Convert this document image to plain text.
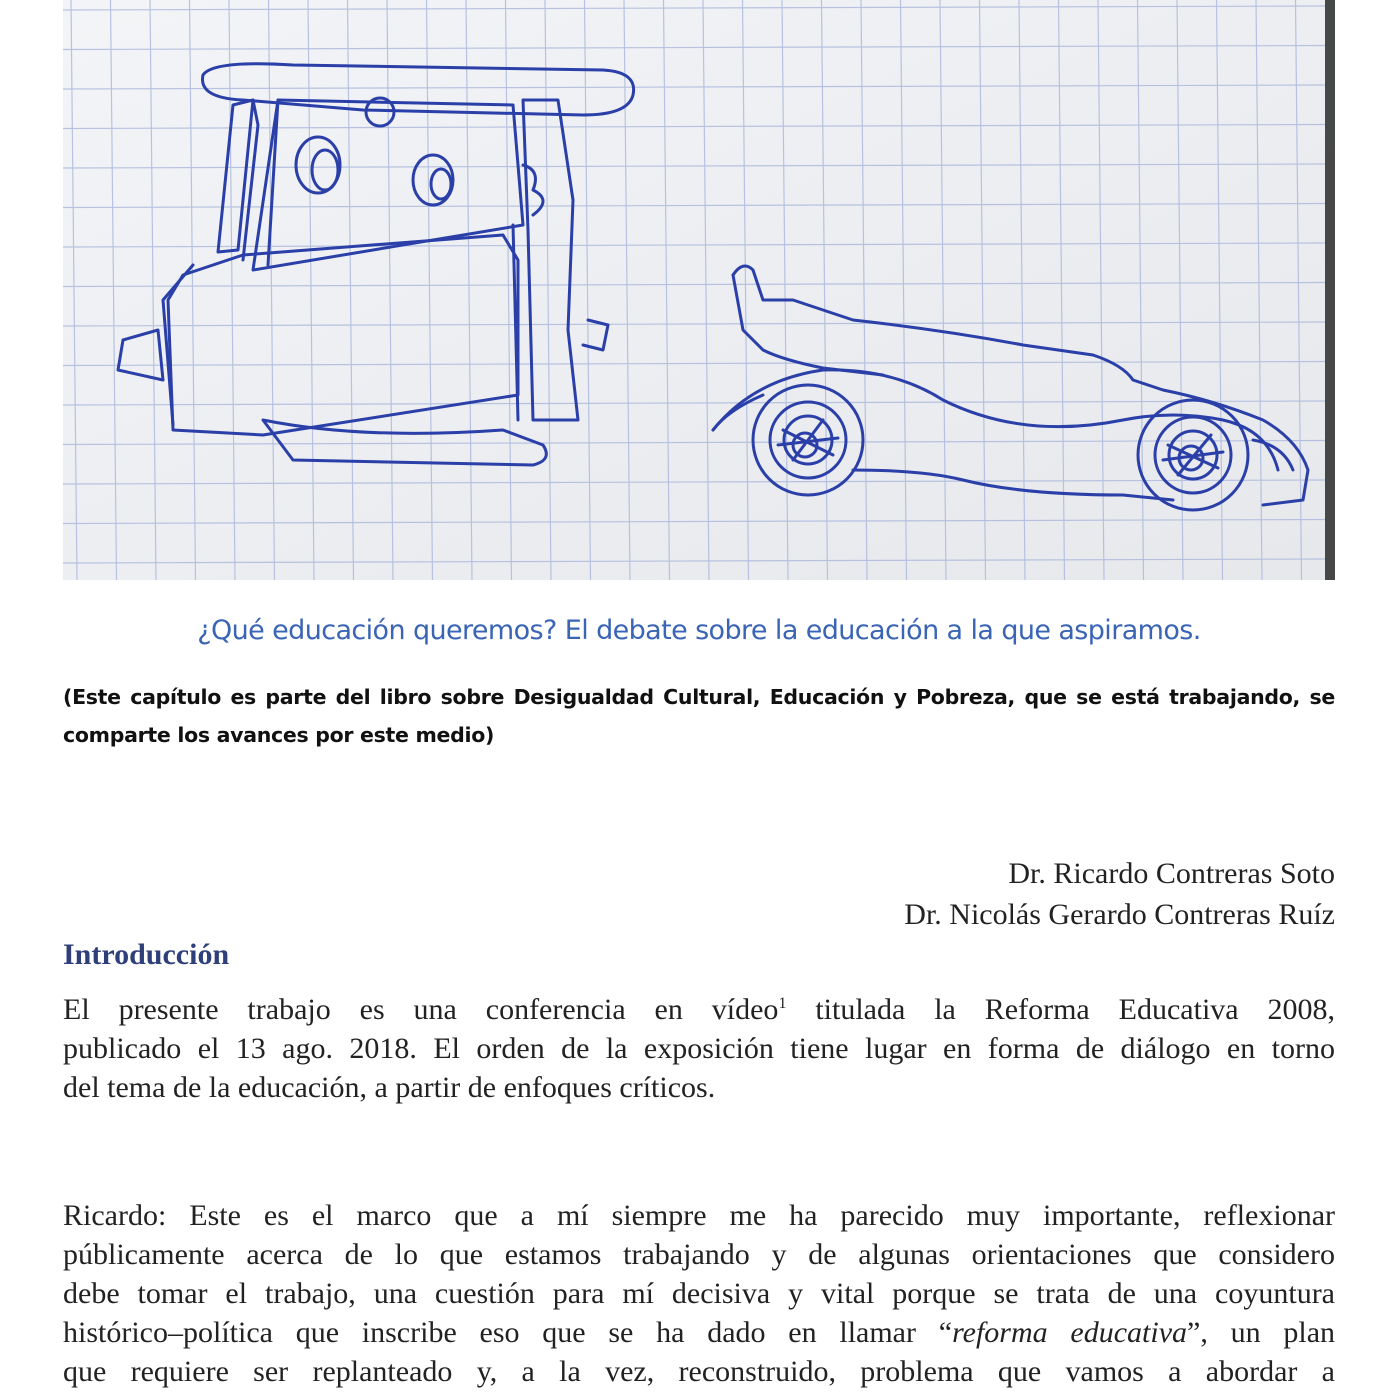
¿Qué educación queremos? El debate sobre la educación a la que aspiramos.
(Este capítulo es parte del libro sobre Desigualdad Cultural, Educación y Pobreza, que se está trabajando, se comparte los avances por este medio)
Dr. Ricardo Contreras Soto
Dr. Nicolás Gerardo Contreras Ruíz
Introducción
El presente trabajo es una conferencia en vídeo$^1$ titulada la Reforma Educativa 2008,
publicado el 13 ago. 2018. El orden de la exposición tiene lugar en forma de diálogo en torno
del tema de la educación, a partir de enfoques críticos.
Ricardo: Este es el marco que a mí siempre me ha parecido muy importante, reflexionar
públicamente acerca de lo que estamos trabajando y de algunas orientaciones que considero
debe tomar el trabajo, una cuestión para mí decisiva y vital porque se trata de una coyuntura
histórico–política que inscribe eso que se ha dado en llamar “reforma educativa”, un plan
que requiere ser replanteado y, a la vez, reconstruido, problema que vamos a abordar a
